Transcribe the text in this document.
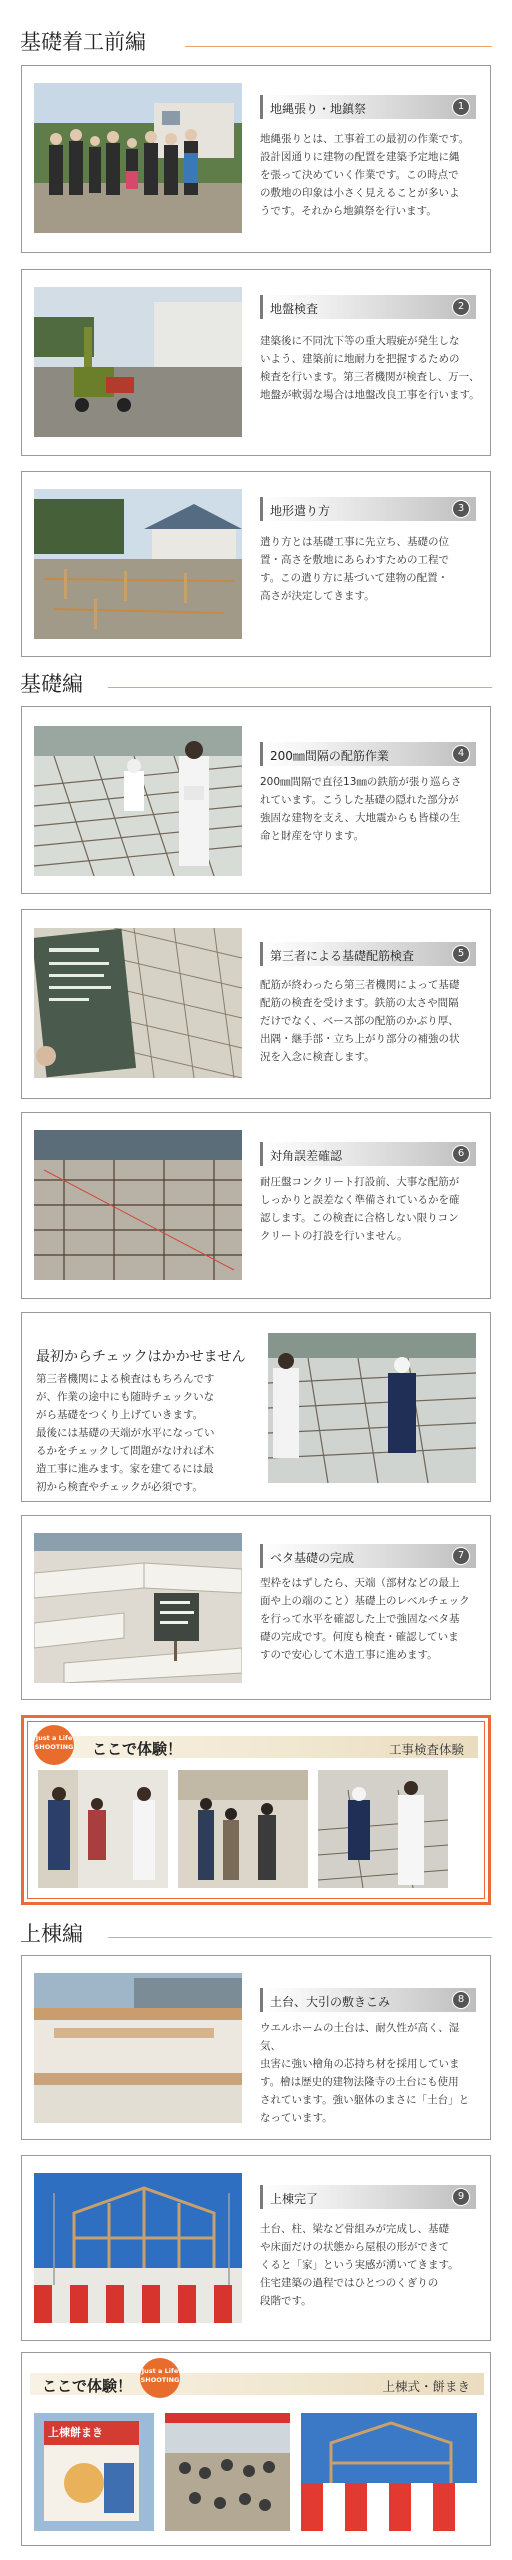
基礎着工前編
地縄張り・地鎮祭	1
地縄張りとは、工事着工の最初の作業です。
設計図通りに建物の配置を建築予定地に縄
を張って決めていく作業です。この時点で
の敷地の印象は小さく見えることが多いよ
うです。それから地鎮祭を行います。
地盤検査	2
建築後に不同沈下等の重大瑕疵が発生しな
いよう、建築前に地耐力を把握するための
検査を行います。第三者機関が検査し、万一、
地盤が軟弱な場合は地盤改良工事を行います。
地形遣り方	3
遣り方とは基礎工事に先立ち、基礎の位
置・高さを敷地にあらわすための工程で
す。この遣り方に基づいて建物の配置・
高さが決定してきます。
基礎編
200㎜間隔の配筋作業	4
200㎜間隔で直径13㎜の鉄筋が張り巡らさ
れています。こうした基礎の隠れた部分が
強固な建物を支え、大地震からも皆様の生
命と財産を守ります。
第三者による基礎配筋検査	5
配筋が終わったら第三者機関によって基礎
配筋の検査を受けます。鉄筋の太さや間隔
だけでなく、ベース部の配筋のかぶり厚、
出隅・継手部・立ち上がり部分の補強の状
況を入念に検査します。
対角誤差確認	6
耐圧盤コンクリート打設前、大事な配筋が
しっかりと誤差なく準備されているかを確
認します。この検査に合格しない限りコン
クリートの打設を行いません。
最初からチェックはかかせません
第三者機関による検査はもちろんです
が、作業の途中にも随時チェックいな
がら基礎をつくり上げていきます。
最後には基礎の天端が水平になってい
るかをチェックして問題がなければ木
造工事に進みます。家を建てるには最
初から検査やチェックが必須です。
ベタ基礎の完成	7
型枠をはずしたら、天端（部材などの最上
面や上の端のこと）基礎上のレベルチェック
を行って水平を確認した上で強固なベタ基
礎の完成です。何度も検査・確認していま
すので安心して木造工事に進めます。
ここで体験！	工事検査体験
Just a Life
SHOOTING
上棟編
土台、大引の敷きこみ	8
ウエルホームの土台は、耐久性が高く、湿気、
虫害に強い檜角の芯持ち材を採用していま
す。檜は歴史的建物法隆寺の土台にも使用
されています。強い躯体のまさに「土台」と
なっています。
上棟完了	9
土台、柱、梁など骨組みが完成し、基礎
や床面だけの状態から屋根の形ができて
くると「家」という実感が湧いてきます。
住宅建築の過程ではひとつのくぎりの
段階です。
ここで体験！	上棟式・餅まき
Just a Life
SHOOTING
上棟餅まき
